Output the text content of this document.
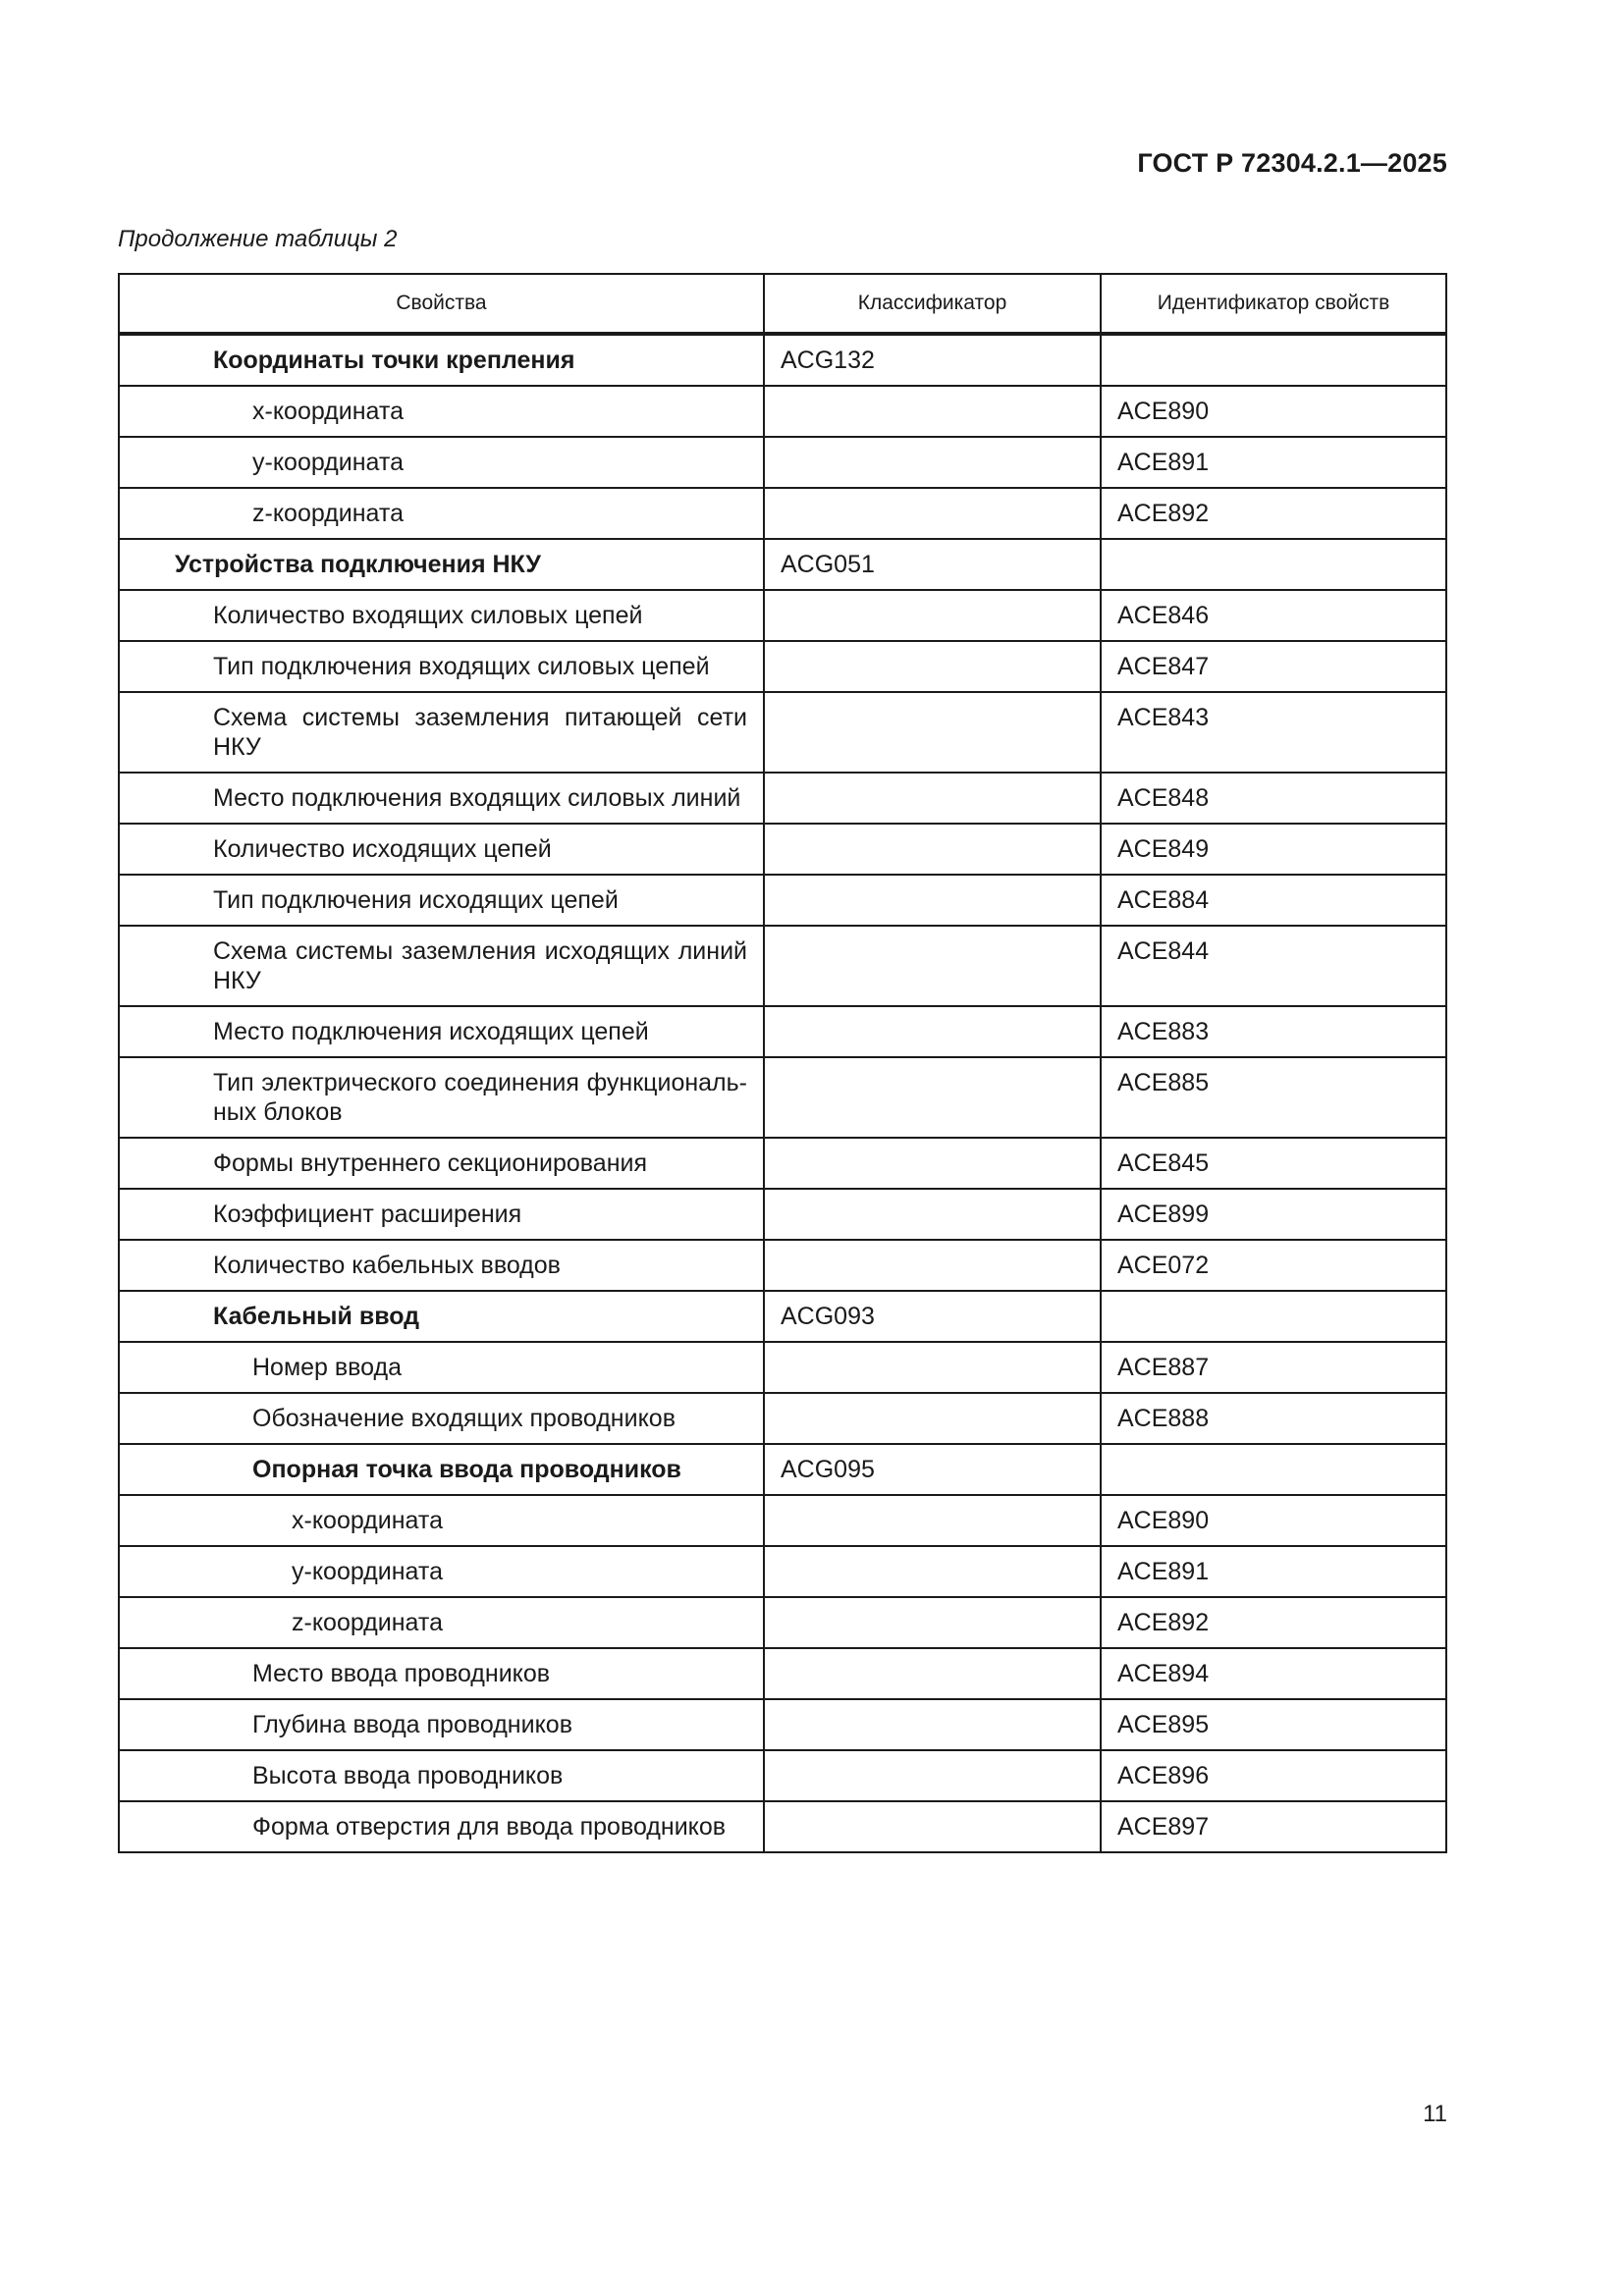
ГОСТ Р 72304.2.1—2025
Продолжение таблицы 2
Свойства	Классификатор	Идентификатор свойств
Координаты точки крепления	ACG132	
x-координата		ACE890
y-координата		ACE891
z-координата		ACE892
Устройства подключения НКУ	ACG051	
Количество входящих силовых цепей		ACE846
Тип подключения входящих силовых цепей		ACE847
Схема системы заземления питающей сети НКУ		ACE843
Место подключения входящих силовых линий		ACE848
Количество исходящих цепей		ACE849
Тип подключения исходящих цепей		ACE884
Схема системы заземления исходящих линий НКУ		ACE844
Место подключения исходящих цепей		ACE883
Тип электрического соединения функциональ-ных блоков		ACE885
Формы внутреннего секционирования		ACE845
Коэффициент расширения		ACE899
Количество кабельных вводов		ACE072
Кабельный ввод	ACG093	
Номер ввода		ACE887
Обозначение входящих проводников		ACE888
Опорная точка ввода проводников	ACG095	
x-координата		ACE890
y-координата		ACE891
z-координата		ACE892
Место ввода проводников		ACE894
Глубина ввода проводников		ACE895
Высота ввода проводников		ACE896
Форма отверстия для ввода проводников		ACE897
11
